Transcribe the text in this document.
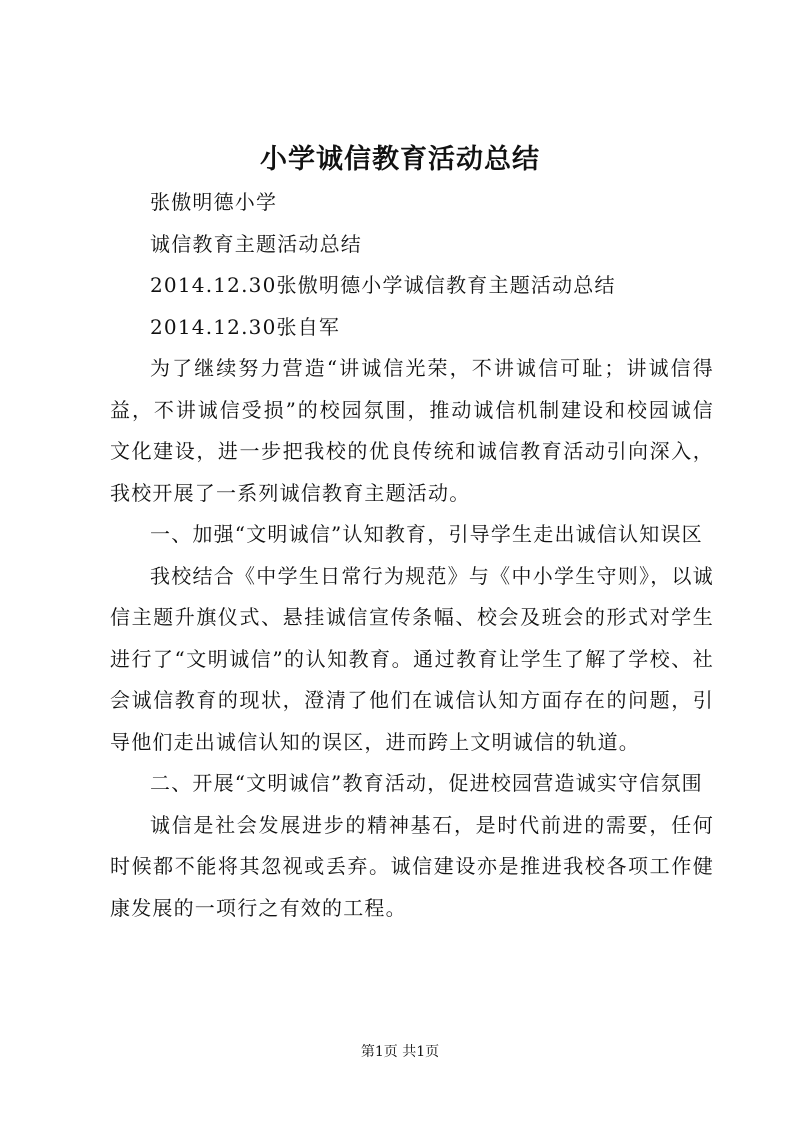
小学诚信教育活动总结

张傲明德小学

诚信教育主题活动总结

2014.12.30张傲明德小学诚信教育主题活动总结

2014.12.30张自军

为了继续努力营造“讲诚信光荣，不讲诚信可耻；讲诚信得益，不讲诚信受损”的校园氛围，推动诚信机制建设和校园诚信文化建设，进一步把我校的优良传统和诚信教育活动引向深入，我校开展了一系列诚信教育主题活动。

一、加强“文明诚信”认知教育，引导学生走出诚信认知误区

我校结合《中学生日常行为规范》与《中小学生守则》，以诚信主题升旗仪式、悬挂诚信宣传条幅、校会及班会的形式对学生进行了“文明诚信”的认知教育。通过教育让学生了解了学校、社会诚信教育的现状，澄清了他们在诚信认知方面存在的问题，引导他们走出诚信认知的误区，进而跨上文明诚信的轨道。

二、开展“文明诚信”教育活动，促进校园营造诚实守信氛围

诚信是社会发展进步的精神基石，是时代前进的需要，任何时候都不能将其忽视或丢弃。诚信建设亦是推进我校各项工作健康发展的一项行之有效的工程。

第1页 共1页
